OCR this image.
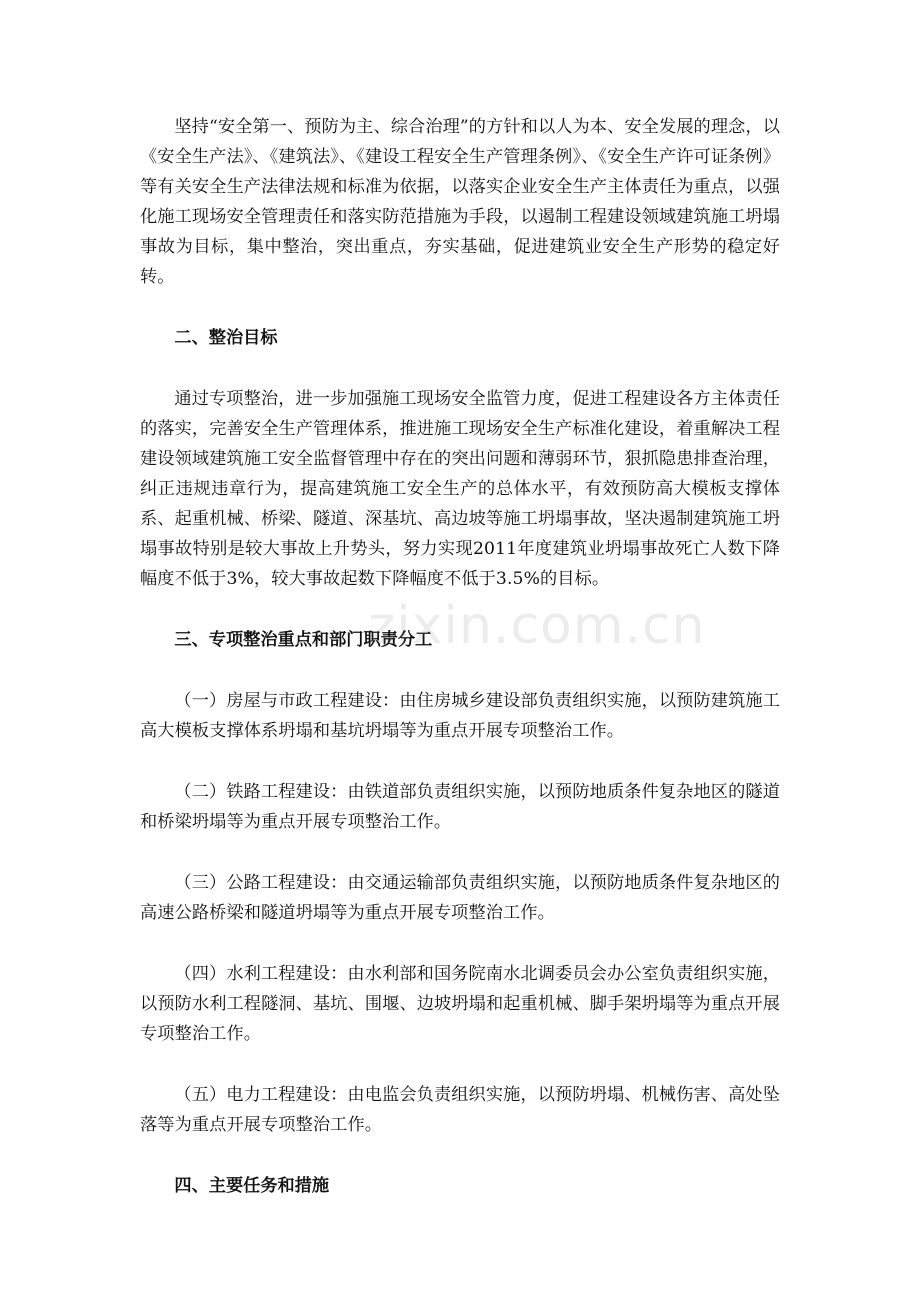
坚持“安全第一、预防为主、综合治理”的方针和以人为本、安全发展的理念，以《安全生产法》、《建筑法》、《建设工程安全生产管理条例》、《安全生产许可证条例》等有关安全生产法律法规和标准为依据，以落实企业安全生产主体责任为重点，以强化施工现场安全管理责任和落实防范措施为手段，以遏制工程建设领域建筑施工坍塌事故为目标，集中整治，突出重点，夯实基础，促进建筑业安全生产形势的稳定好转。

二、整治目标

通过专项整治，进一步加强施工现场安全监管力度，促进工程建设各方主体责任的落实，完善安全生产管理体系，推进施工现场安全生产标准化建设，着重解决工程建设领域建筑施工安全监督管理中存在的突出问题和薄弱环节，狠抓隐患排查治理，纠正违规违章行为，提高建筑施工安全生产的总体水平，有效预防高大模板支撑体系、起重机械、桥梁、隧道、深基坑、高边坡等施工坍塌事故，坚决遏制建筑施工坍塌事故特别是较大事故上升势头，努力实现2011年度建筑业坍塌事故死亡人数下降幅度不低于3%，较大事故起数下降幅度不低于3.5%的目标。

三、专项整治重点和部门职责分工

（一）房屋与市政工程建设：由住房城乡建设部负责组织实施，以预防建筑施工高大模板支撑体系坍塌和基坑坍塌等为重点开展专项整治工作。

（二）铁路工程建设：由铁道部负责组织实施，以预防地质条件复杂地区的隧道和桥梁坍塌等为重点开展专项整治工作。

（三）公路工程建设：由交通运输部负责组织实施，以预防地质条件复杂地区的高速公路桥梁和隧道坍塌等为重点开展专项整治工作。

（四）水利工程建设：由水利部和国务院南水北调委员会办公室负责组织实施，以预防水利工程隧洞、基坑、围堰、边坡坍塌和起重机械、脚手架坍塌等为重点开展专项整治工作。

（五）电力工程建设：由电监会负责组织实施，以预防坍塌、机械伤害、高处坠落等为重点开展专项整治工作。

四、主要任务和措施

zixin.com.cn
